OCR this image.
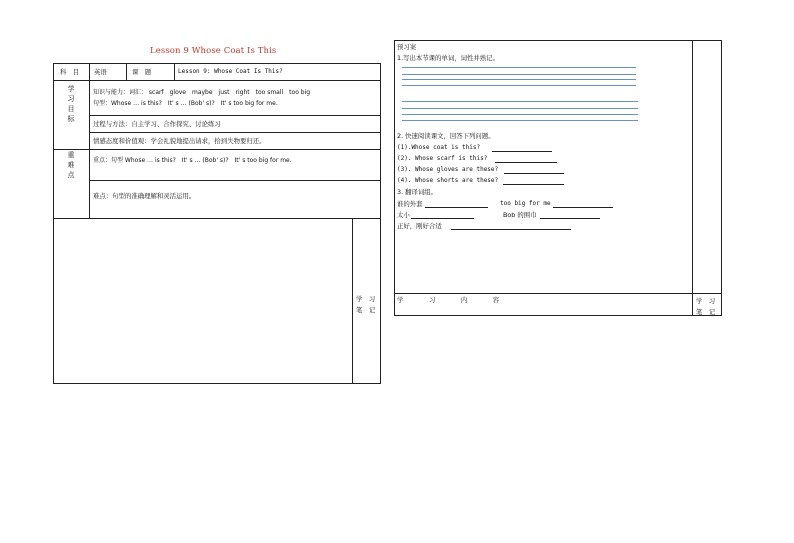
Lesson 9 Whose Coat Is This
科　目 英语	课　题	Lesson 9: Whose Coat Is This?
学习目标
知识与能力：词汇： scarf　glove　maybe　just　right　too small　too big
句型：Whose … is this?　It' s … (Bob' s)?　It' s too big for me.
过程与方法：自主学习、合作探究、讨论练习
情感态度和价值观：学会礼貌地提出请求，拾到失物要归还。
重难点
重点：句型 Whose … is this?　It' s … (Bob' s)?　It' s too big for me.
难点：句型的准确理解和灵活运用。
学　习
笔　记
预习案
1.写出本节课的单词，词性并熟记。
2. 快速阅读课文，回答下列问题。
(1).Whose coat is this?
(2). Whose scarf is this?
(3). Whose gloves are these?
(4). Whose shorts are these?
3. 翻译词组。
谁的外套	too big for me
太小	Bob 的围巾
正好，刚好合适
学　　　　习　　　　内　　　　容	学　习
笔　记
